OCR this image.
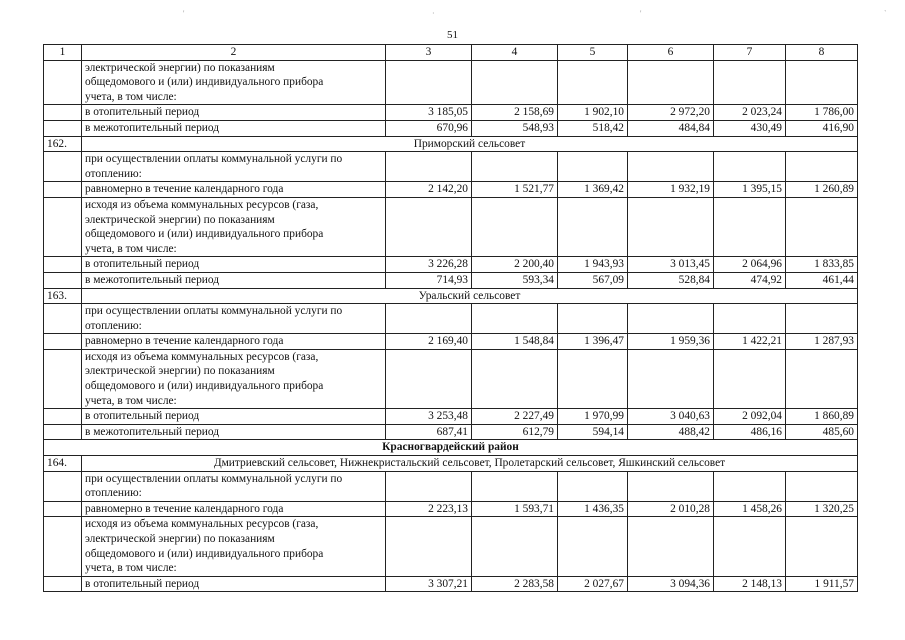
'	·	'	`
51
1	2	3	4	5	6	7	8
	электрической энергии) по показаниям
общедомового и (или) индивидуального прибора
учета, в том числе:						
	в отопительный период	3 185,05	2 158,69	1 902,10	2 972,20	2 023,24	1 786,00
	в межотопительный период	670,96	548,93	518,42	484,84	430,49	416,90
162.	Приморский сельсовет						
	при осуществлении оплаты коммунальной услуги по
отоплению:						
	равномерно в течение календарного года	2 142,20	1 521,77	1 369,42	1 932,19	1 395,15	1 260,89
	исходя из объема коммунальных ресурсов (газа,
электрической энергии) по показаниям
общедомового и (или) индивидуального прибора
учета, в том числе:						
	в отопительный период	3 226,28	2 200,40	1 943,93	3 013,45	2 064,96	1 833,85
	в межотопительный период	714,93	593,34	567,09	528,84	474,92	461,44
163.	Уральский сельсовет						
	при осуществлении оплаты коммунальной услуги по
отоплению:						
	равномерно в течение календарного года	2 169,40	1 548,84	1 396,47	1 959,36	1 422,21	1 287,93
	исходя из объема коммунальных ресурсов (газа,
электрической энергии) по показаниям
общедомового и (или) индивидуального прибора
учета, в том числе:						
	в отопительный период	3 253,48	2 227,49	1 970,99	3 040,63	2 092,04	1 860,89
	в межотопительный период	687,41	612,79	594,14	488,42	486,16	485,60
Красногвардейский район							
164.	Дмитриевский сельсовет, Нижнекристальский сельсовет, Пролетарский сельсовет, Яшкинский сельсовет						
	при осуществлении оплаты коммунальной услуги по
отоплению:						
	равномерно в течение календарного года	2 223,13	1 593,71	1 436,35	2 010,28	1 458,26	1 320,25
	исходя из объема коммунальных ресурсов (газа,
электрической энергии) по показаниям
общедомового и (или) индивидуального прибора
учета, в том числе:						
	в отопительный период	3 307,21	2 283,58	2 027,67	3 094,36	2 148,13	1 911,57
